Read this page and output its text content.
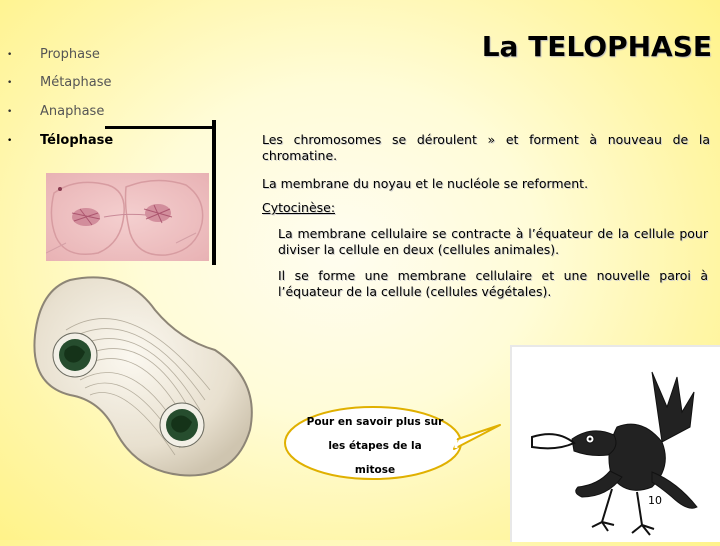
• Prophase
• Métaphase
• Anaphase
• Télophase
La TELOPHASE
Les chromosomes se déroulent » et forment à nouveau de la chromatine.
La membrane du noyau et le nucléole se reforment.
Cytocinèse:
La membrane cellulaire se contracte à l’équateur de la cellule pour diviser la cellule en deux (cellules animales).
Il se forme une membrane cellulaire et une nouvelle paroi à l’équateur de la cellule (cellules végétales).
Pour en savoir plus sur
les étapes de la
mitose
10
